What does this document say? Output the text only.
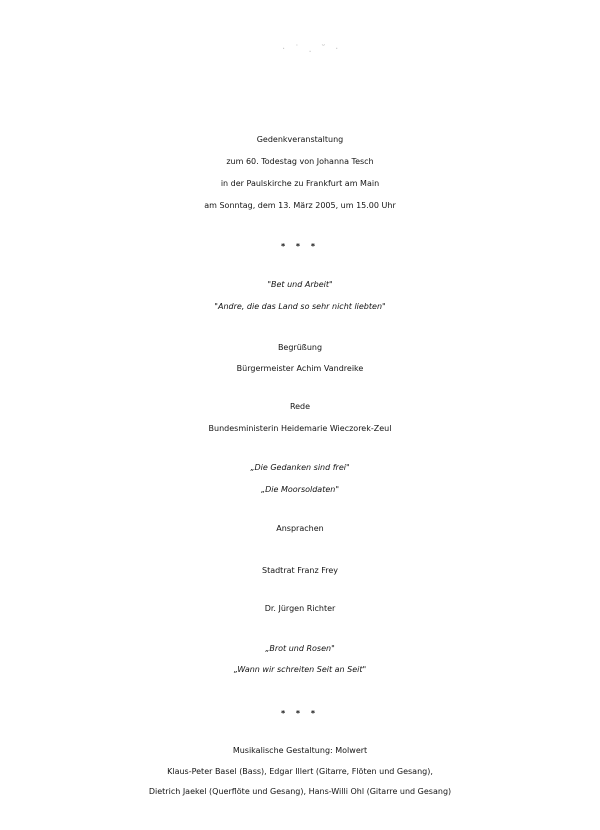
· ˙ . ˘ ·
Gedenkveranstaltung
zum 60. Todestag von Johanna Tesch
in der Paulskirche zu Frankfurt am Main
am Sonntag, dem 13. März 2005, um 15.00 Uhr
* * *
"Bet und Arbeit"
"Andre, die das Land so sehr nicht liebten"
Begrüßung
Bürgermeister Achim Vandreike
Rede
Bundesministerin Heidemarie Wieczorek-Zeul
„Die Gedanken sind frei"
„Die Moorsoldaten"
Ansprachen
Stadtrat Franz Frey
Dr. Jürgen Richter
„Brot und Rosen"
„Wann wir schreiten Seit an Seit"
* * *
Musikalische Gestaltung: Molwert
Klaus-Peter Basel (Bass), Edgar Illert (Gitarre, Flöten und Gesang),
Dietrich Jaekel (Querflöte und Gesang), Hans-Willi Ohl (Gitarre und Gesang)
